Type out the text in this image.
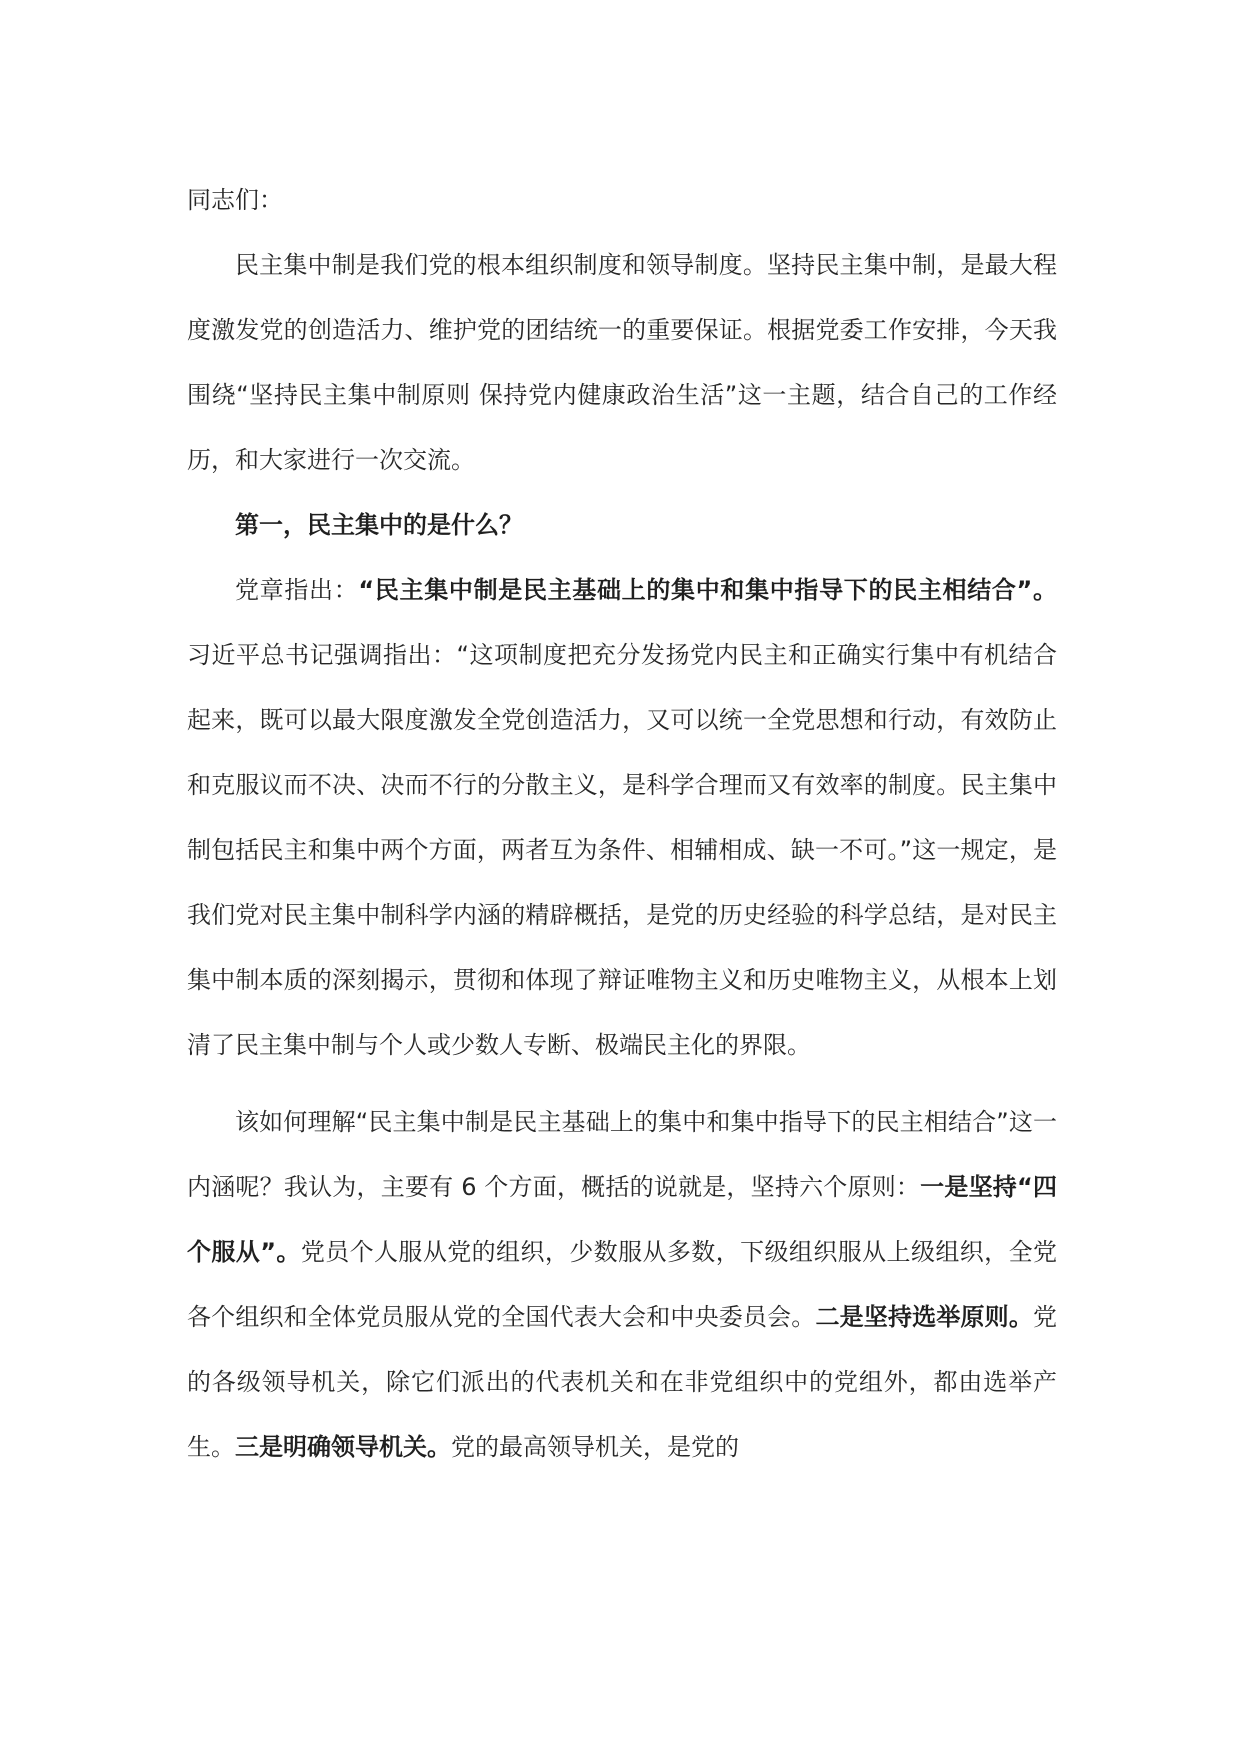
同志们：

民主集中制是我们党的根本组织制度和领导制度。坚持民主集中制，是最大程度激发党的创造活力、维护党的团结统一的重要保证。根据党委工作安排，今天我围绕“坚持民主集中制原则 保持党内健康政治生活”这一主题，结合自己的工作经历，和大家进行一次交流。

第一，民主集中的是什么？

党章指出：“民主集中制是民主基础上的集中和集中指导下的民主相结合”。习近平总书记强调指出：“这项制度把充分发扬党内民主和正确实行集中有机结合起来，既可以最大限度激发全党创造活力，又可以统一全党思想和行动，有效防止和克服议而不决、决而不行的分散主义，是科学合理而又有效率的制度。民主集中制包括民主和集中两个方面，两者互为条件、相辅相成、缺一不可。”这一规定，是我们党对民主集中制科学内涵的精辟概括，是党的历史经验的科学总结，是对民主集中制本质的深刻揭示，贯彻和体现了辩证唯物主义和历史唯物主义，从根本上划清了民主集中制与个人或少数人专断、极端民主化的界限。

该如何理解“民主集中制是民主基础上的集中和集中指导下的民主相结合”这一内涵呢？我认为，主要有 6 个方面，概括的说就是，坚持六个原则：一是坚持“四个服从”。党员个人服从党的组织，少数服从多数，下级组织服从上级组织，全党各个组织和全体党员服从党的全国代表大会和中央委员会。二是坚持选举原则。党的各级领导机关，除它们派出的代表机关和在非党组织中的党组外，都由选举产生。三是明确领导机关。党的最高领导机关，是党的
